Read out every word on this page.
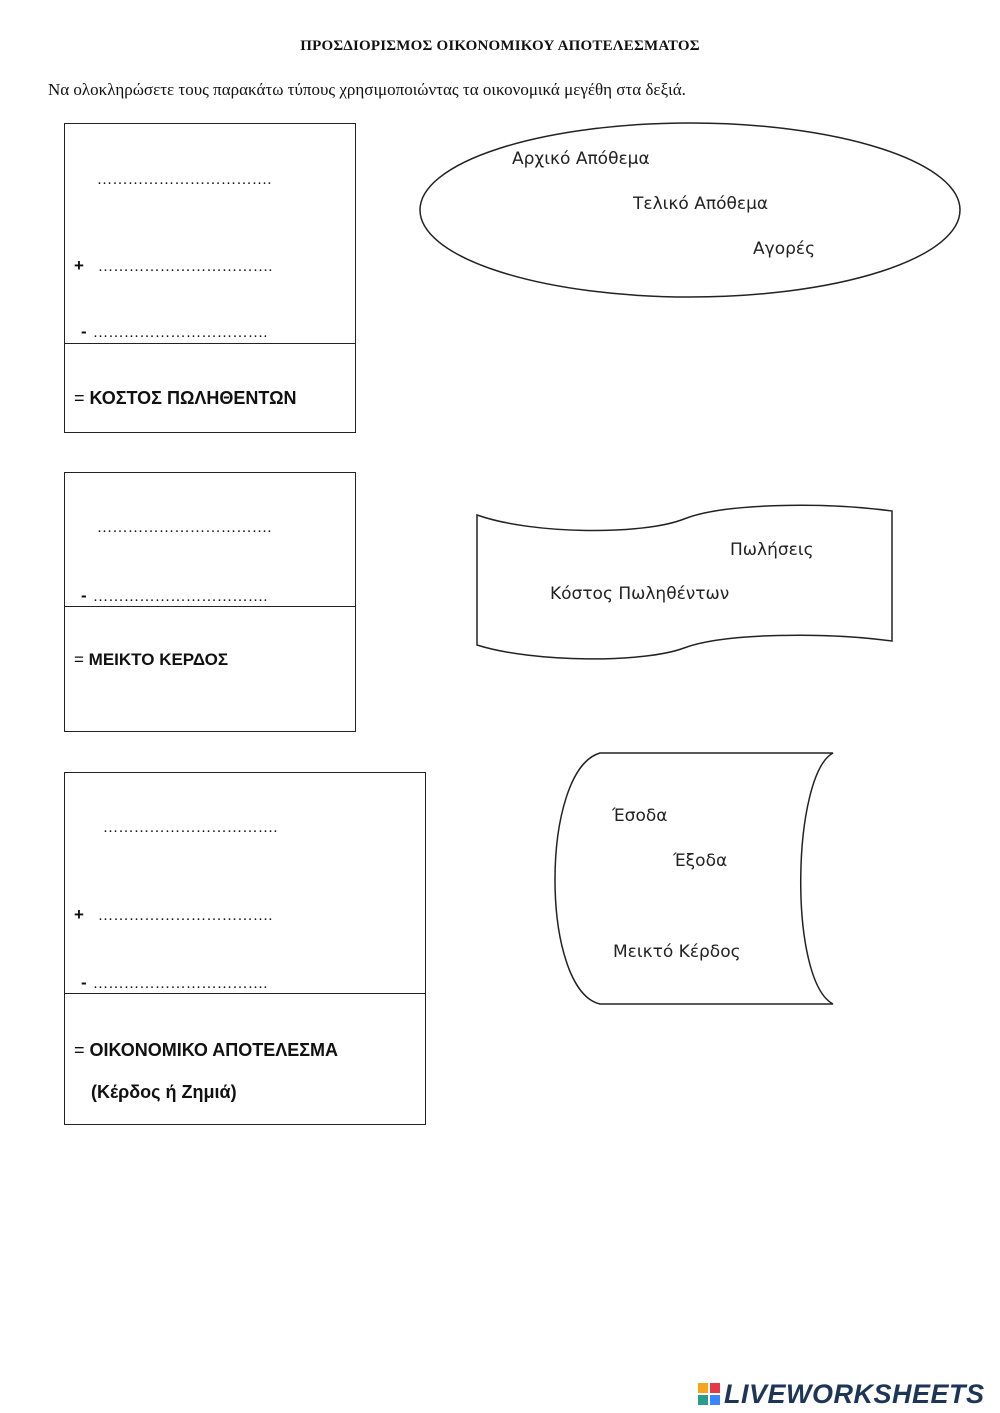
ΠΡΟΣΔΙΟΡΙΣΜΟΣ ΟΙΚΟΝΟΜΙΚΟΥ ΑΠΟΤΕΛΕΣΜΑΤΟΣ
Να ολοκληρώσετε τους παρακάτω τύπους χρησιμοποιώντας τα οικονομικά μεγέθη στα δεξιά.
…………………………….
+ …………………………….
- …………………………….
= ΚΟΣΤΟΣ ΠΩΛΗΘΕΝΤΩΝ
…………………………….
- …………………………….
= ΜΕΙΚΤΟ ΚΕΡΔΟΣ
…………………………….
+ …………………………….
- …………………………….
= ΟΙΚΟΝΟΜΙΚΟ ΑΠΟΤΕΛΕΣΜΑ
(Κέρδος ή Ζημιά)
Αρχικό Απόθεμα
Τελικό Απόθεμα
Αγορές
Πωλήσεις
Κόστος Πωληθέντων
Έσοδα
Έξοδα
Μεικτό Κέρδος
LIVEWORKSHEETS
